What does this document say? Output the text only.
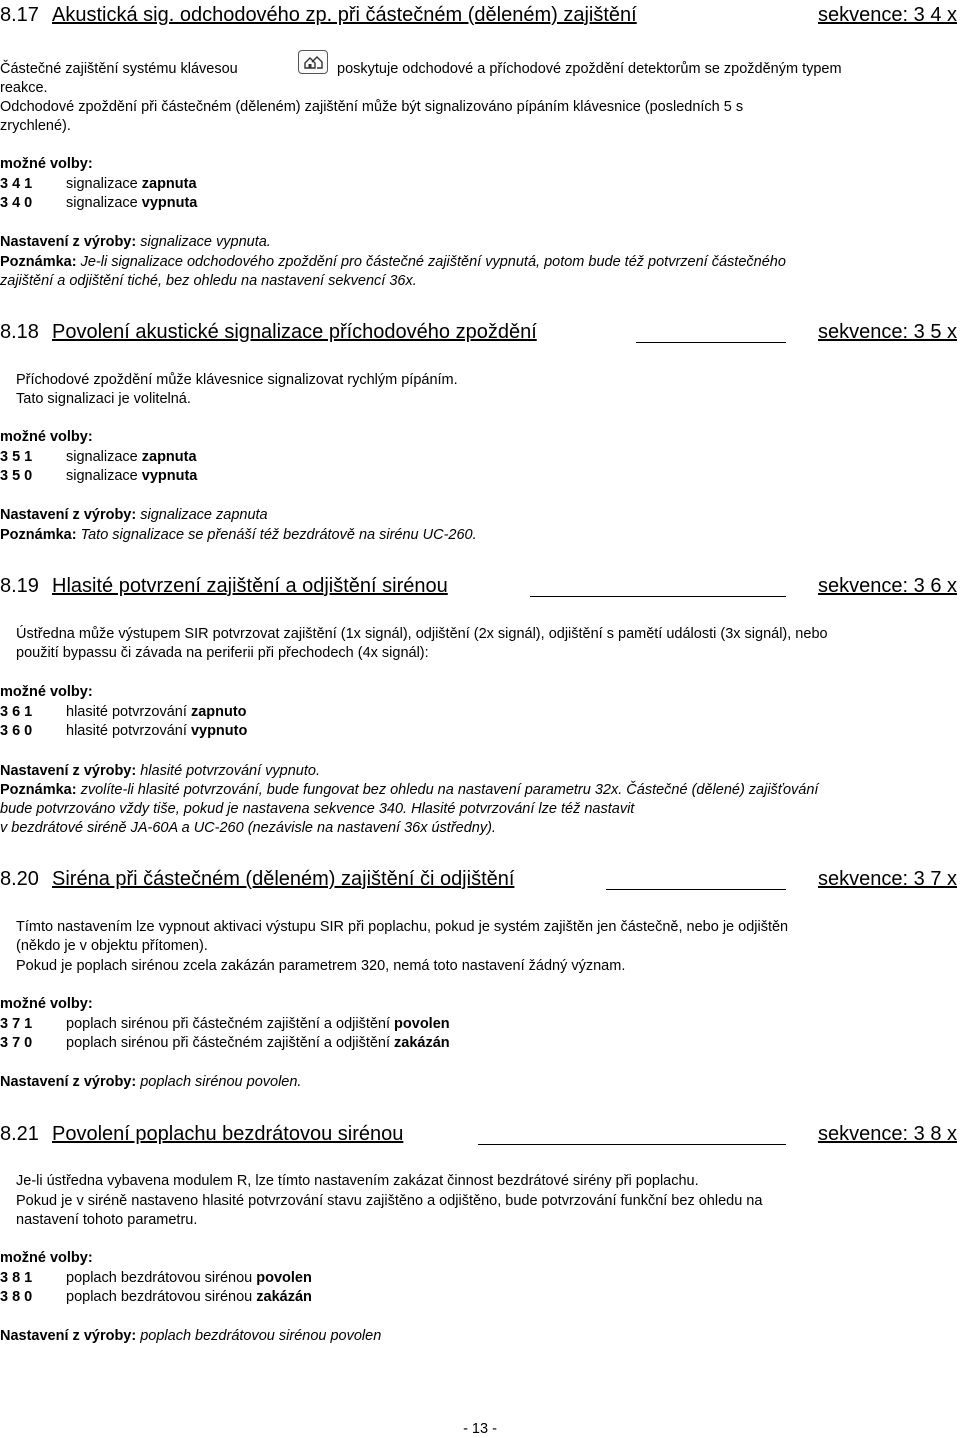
8.17 Akustická sig. odchodového zp. při částečném (děleném) zajištění	sekvence: 3 4 x
Částečné zajištění systému klávesou	poskytuje odchodové a příchodové zpoždění detektorům se zpožděným typem
reakce.
Odchodové zpoždění při částečném (děleném) zajištění může být signalizováno pípáním klávesnice (posledních 5 s
zrychlené).
možné volby:
3 4 1 signalizace zapnuta
3 4 0 signalizace vypnuta
Nastavení z výroby: signalizace vypnuta.
Poznámka: Je-li signalizace odchodového zpoždění pro částečné zajištění vypnutá, potom bude též potvrzení částečného
zajištění a odjištění tiché, bez ohledu na nastavení sekvencí 36x.
8.18 Povolení akustické signalizace příchodového zpoždění	sekvence: 3 5 x
Příchodové zpoždění může klávesnice signalizovat rychlým pípáním.
Tato signalizaci je volitelná.
možné volby:
3 5 1 signalizace zapnuta
3 5 0 signalizace vypnuta
Nastavení z výroby: signalizace zapnuta
Poznámka: Tato signalizace se přenáší též bezdrátově na sirénu UC-260.
8.19 Hlasité potvrzení zajištění a odjištění sirénou	sekvence: 3 6 x
Ústředna může výstupem SIR potvrzovat zajištění (1x signál), odjištění (2x signál), odjištění s pamětí události (3x signál), nebo
použití bypassu či závada na periferii při přechodech (4x signál):
možné volby:
3 6 1 hlasité potvrzování zapnuto
3 6 0 hlasité potvrzování vypnuto
Nastavení z výroby: hlasité potvrzování vypnuto.
Poznámka: zvolíte-li hlasité potvrzování, bude fungovat bez ohledu na nastavení parametru 32x. Částečné (dělené) zajišťování
bude potvrzováno vždy tiše, pokud je nastavena sekvence 340. Hlasité potvrzování lze též nastavit
v bezdrátové siréně JA-60A a UC-260 (nezávisle na nastavení 36x ústředny).
8.20 Siréna při částečném (děleném) zajištění či odjištění	sekvence: 3 7 x
Tímto nastavením lze vypnout aktivaci výstupu SIR při poplachu, pokud je systém zajištěn jen částečně, nebo je odjištěn
(někdo je v objektu přítomen).
Pokud je poplach sirénou zcela zakázán parametrem 320, nemá toto nastavení žádný význam.
možné volby:
3 7 1 poplach sirénou při částečném zajištění a odjištění povolen
3 7 0 poplach sirénou při částečném zajištění a odjištění zakázán
Nastavení z výroby: poplach sirénou povolen.
8.21 Povolení poplachu bezdrátovou sirénou	sekvence: 3 8 x
Je-li ústředna vybavena modulem R, lze tímto nastavením zakázat činnost bezdrátové sirény při poplachu.
Pokud je v siréně nastaveno hlasité potvrzování stavu zajištěno a odjištěno, bude potvrzování funkční bez ohledu na
nastavení tohoto parametru.
možné volby:
3 8 1 poplach bezdrátovou sirénou povolen
3 8 0 poplach bezdrátovou sirénou zakázán
Nastavení z výroby: poplach bezdrátovou sirénou povolen
- 13 -
